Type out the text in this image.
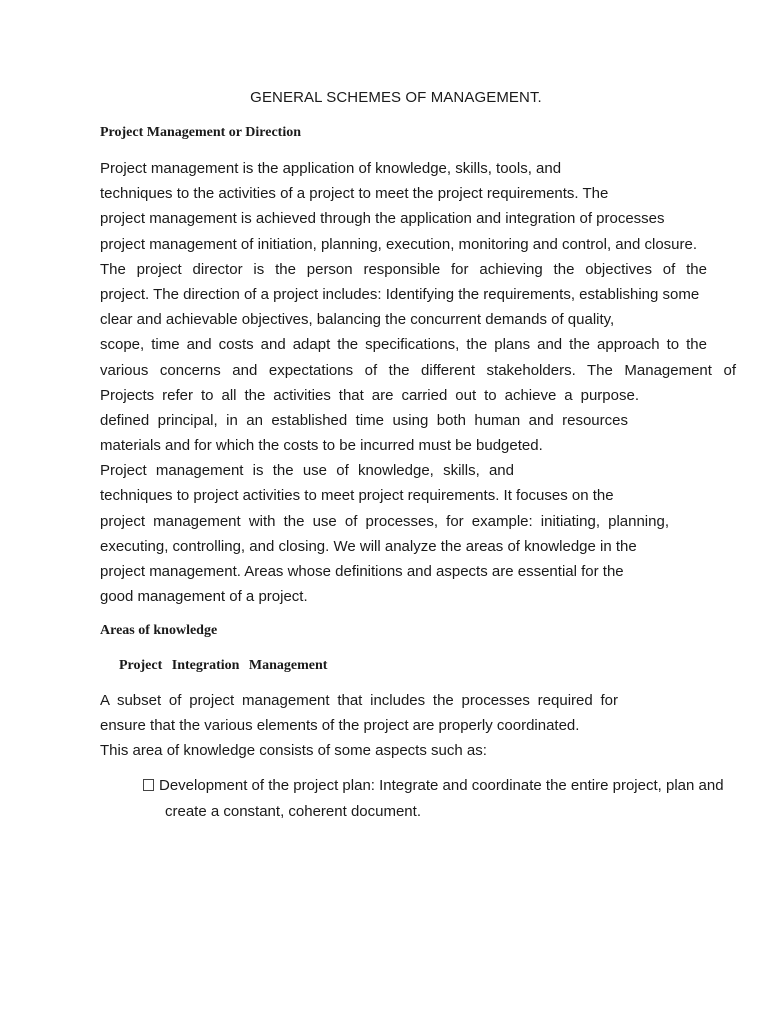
GENERAL SCHEMES OF MANAGEMENT.
Project Management or Direction
Project management is the application of knowledge, skills, tools, and
techniques to the activities of a project to meet the project requirements. The
project management is achieved through the application and integration of processes
project management of initiation, planning, execution, monitoring and control, and closure.
The project director is the person responsible for achieving the objectives of the
project. The direction of a project includes: Identifying the requirements, establishing some
clear and achievable objectives, balancing the concurrent demands of quality,
scope, time and costs and adapt the specifications, the plans and the approach to the
various concerns and expectations of the different stakeholders. The Management of
Projects refer to all the activities that are carried out to achieve a purpose.
defined principal, in an established time using both human and resources
materials and for which the costs to be incurred must be budgeted.
Project management is the use of knowledge, skills, and
techniques to project activities to meet project requirements. It focuses on the
project management with the use of processes, for example: initiating, planning,
executing, controlling, and closing. We will analyze the areas of knowledge in the
project management. Areas whose definitions and aspects are essential for the
good management of a project.
Areas of knowledge
Project Integration Management
A subset of project management that includes the processes required for
ensure that the various elements of the project are properly coordinated.
This area of knowledge consists of some aspects such as:
Development of the project plan: Integrate and coordinate the entire project, plan and
create a constant, coherent document.
